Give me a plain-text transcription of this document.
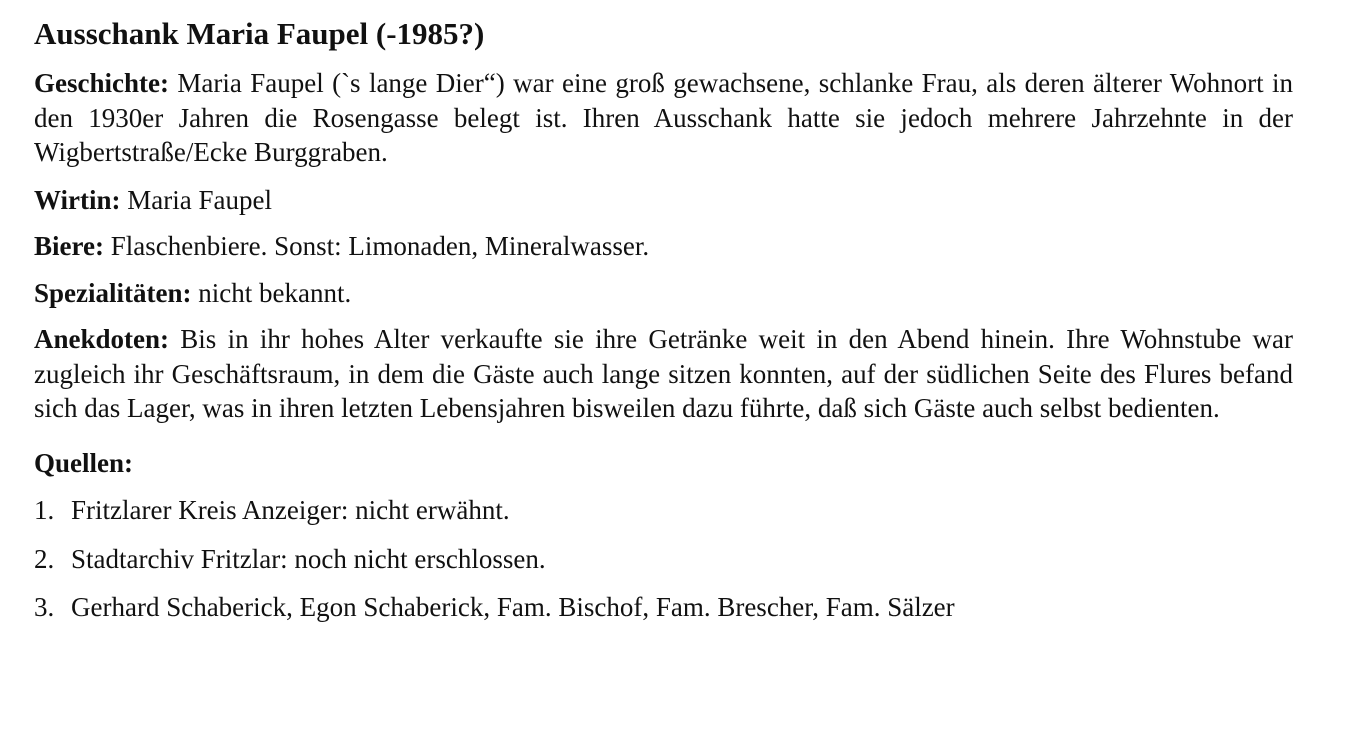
Ausschank Maria Faupel (-1985?)

Geschichte: Maria Faupel (`s lange Dier“) war eine groß gewachsene, schlanke Frau, als deren älterer Wohnort in den 1930er Jahren die Rosengasse belegt ist. Ihren Ausschank hatte sie jedoch mehrere Jahrzehnte in der Wigbertstraße/Ecke Burggraben.

Wirtin: Maria Faupel

Biere: Flaschenbiere. Sonst: Limonaden, Mineralwasser.

Spezialitäten: nicht bekannt.

Anekdoten: Bis in ihr hohes Alter verkaufte sie ihre Getränke weit in den Abend hinein. Ihre Wohnstube war zugleich ihr Geschäftsraum, in dem die Gäste auch lange sitzen konnten, auf der südlichen Seite des Flures befand sich das Lager, was in ihren letzten Lebensjahren bisweilen dazu führte, daß sich Gäste auch selbst bedienten.

Quellen:
1. Fritzlarer Kreis Anzeiger: nicht erwähnt.
2. Stadtarchiv Fritzlar: noch nicht erschlossen.
3. Gerhard Schaberick, Egon Schaberick, Fam. Bischof, Fam. Brescher, Fam. Sälzer
